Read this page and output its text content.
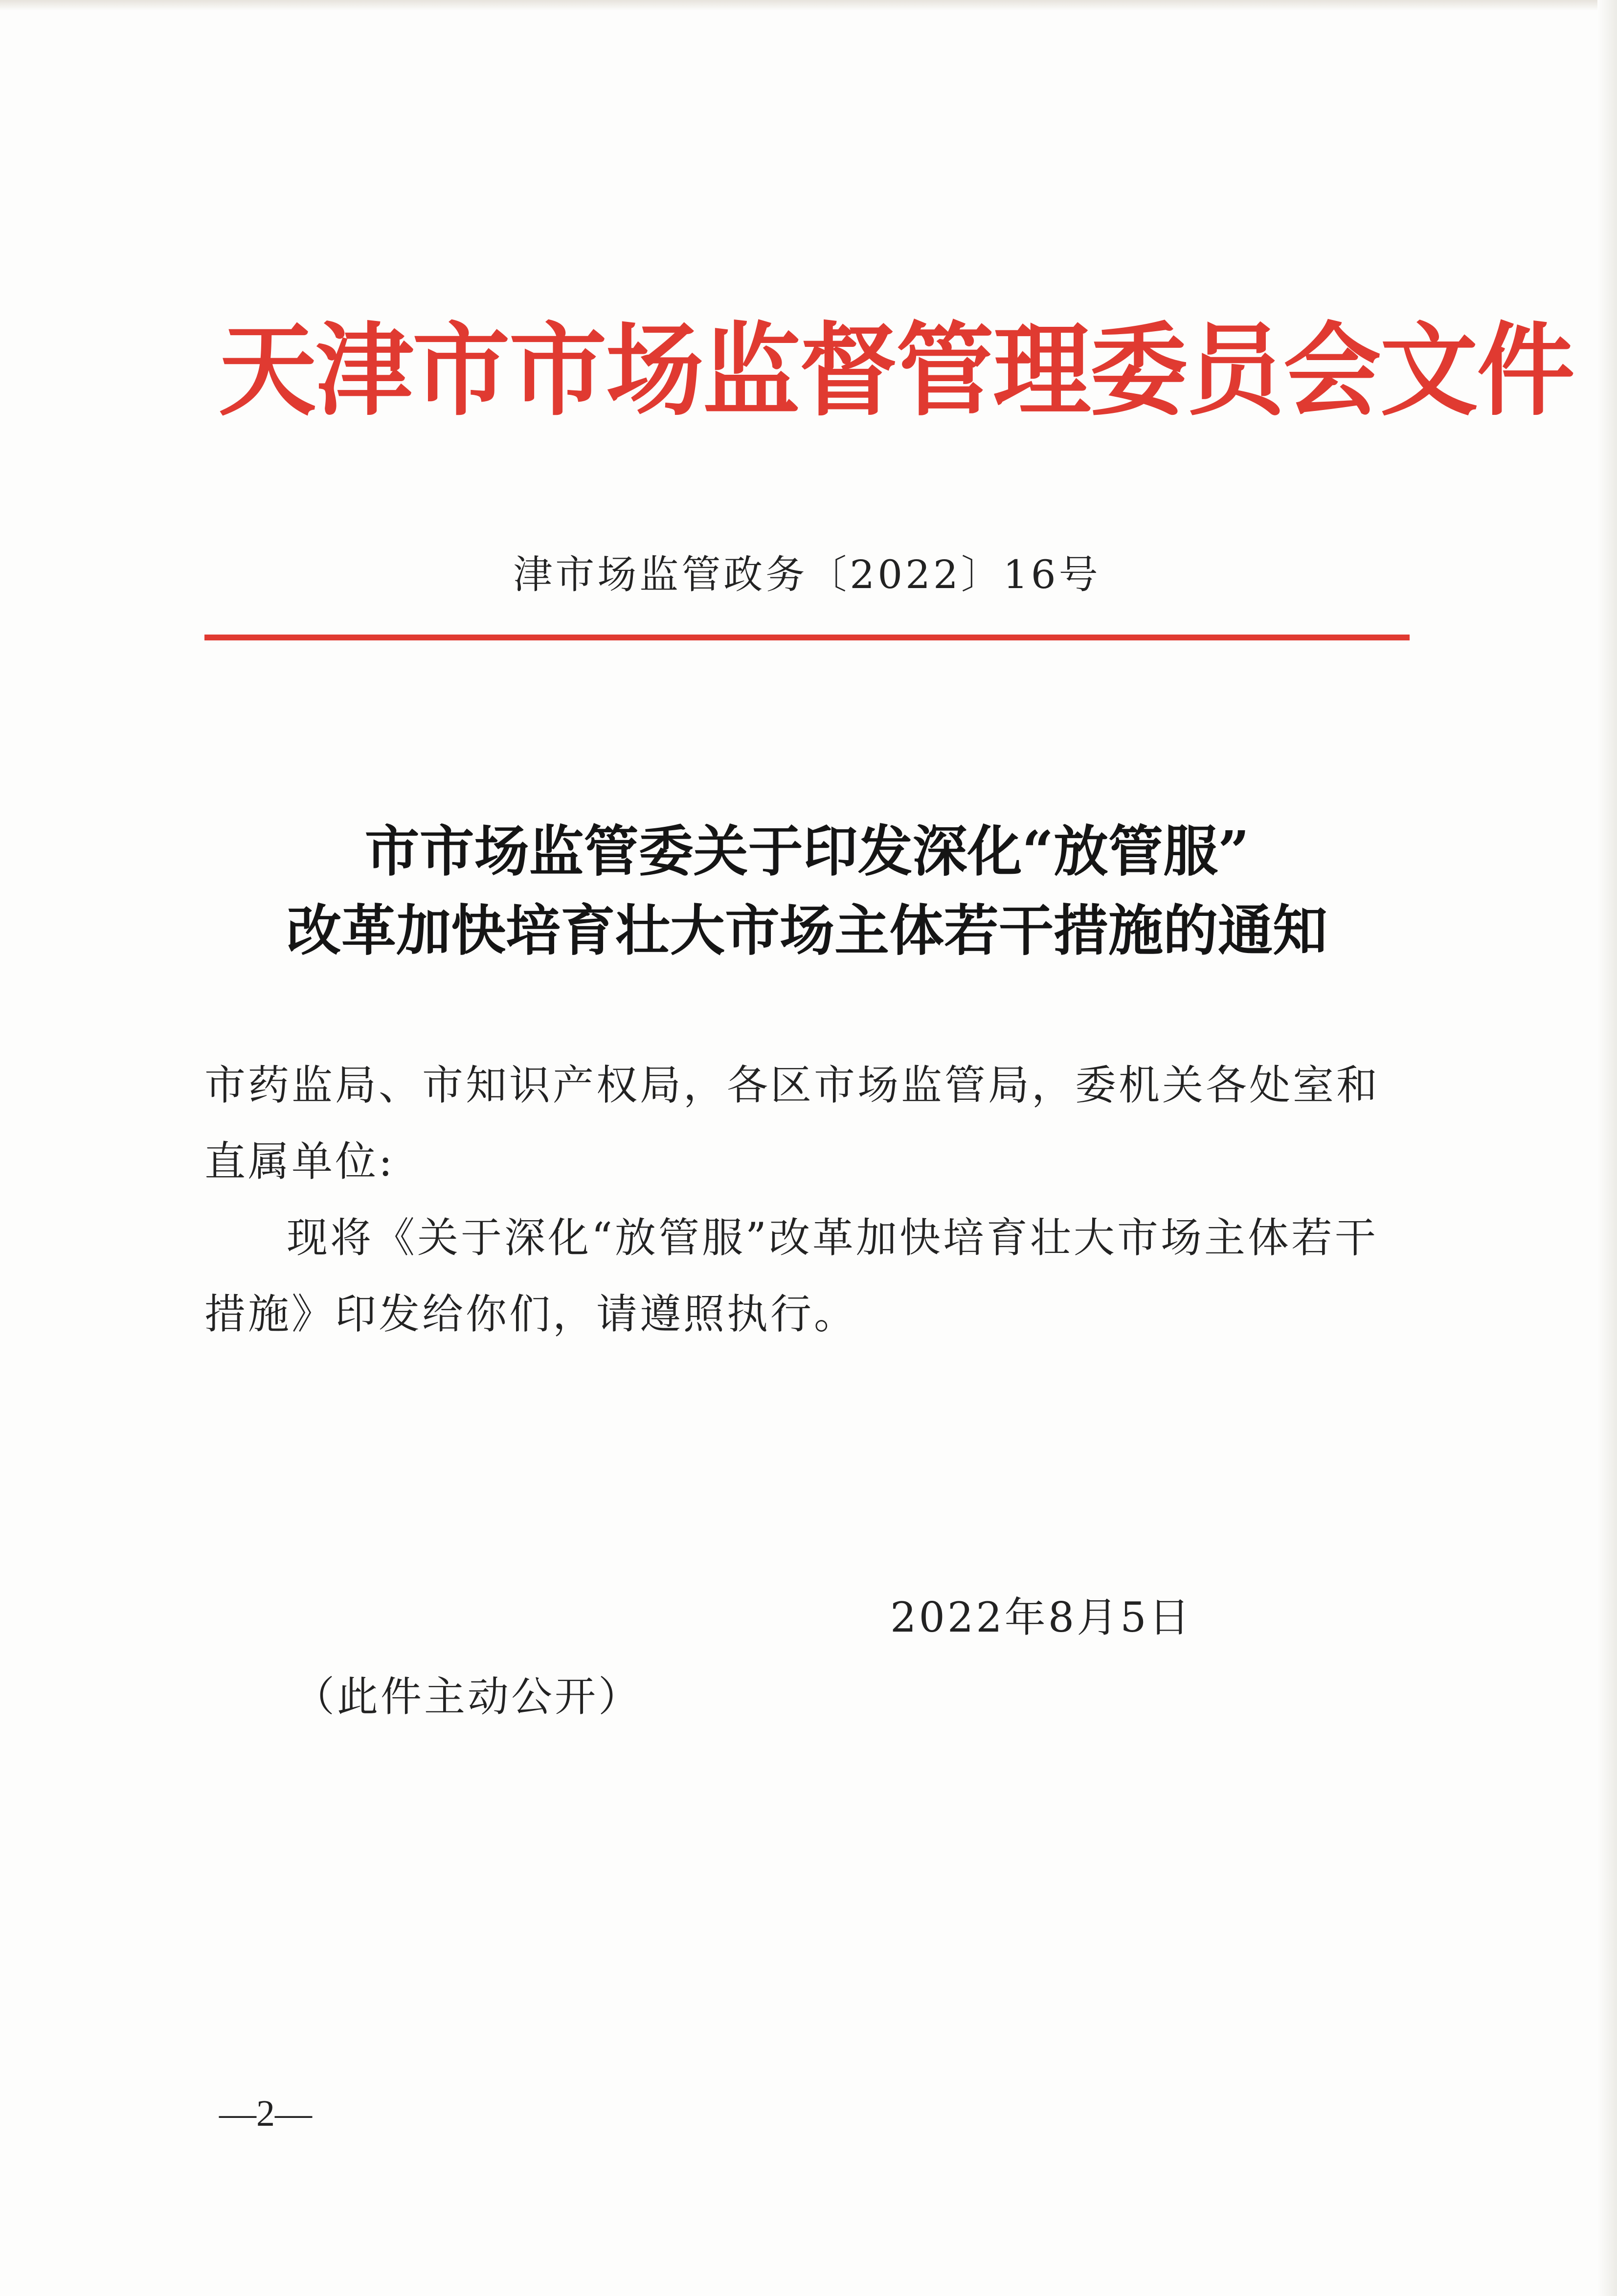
天津市市场监督管理委员会文件
津市场监管政务〔2022〕16号
市市场监管委关于印发深化“放管服”
改革加快培育壮大市场主体若干措施的通知

市药监局、市知识产权局，各区市场监管局，委机关各处室和直属单位:

现将《关于深化“放管服”改革加快培育壮大市场主体若干措施》印发给你们，请遵照执行。

2022年8月5日
（此件主动公开）
—2—
